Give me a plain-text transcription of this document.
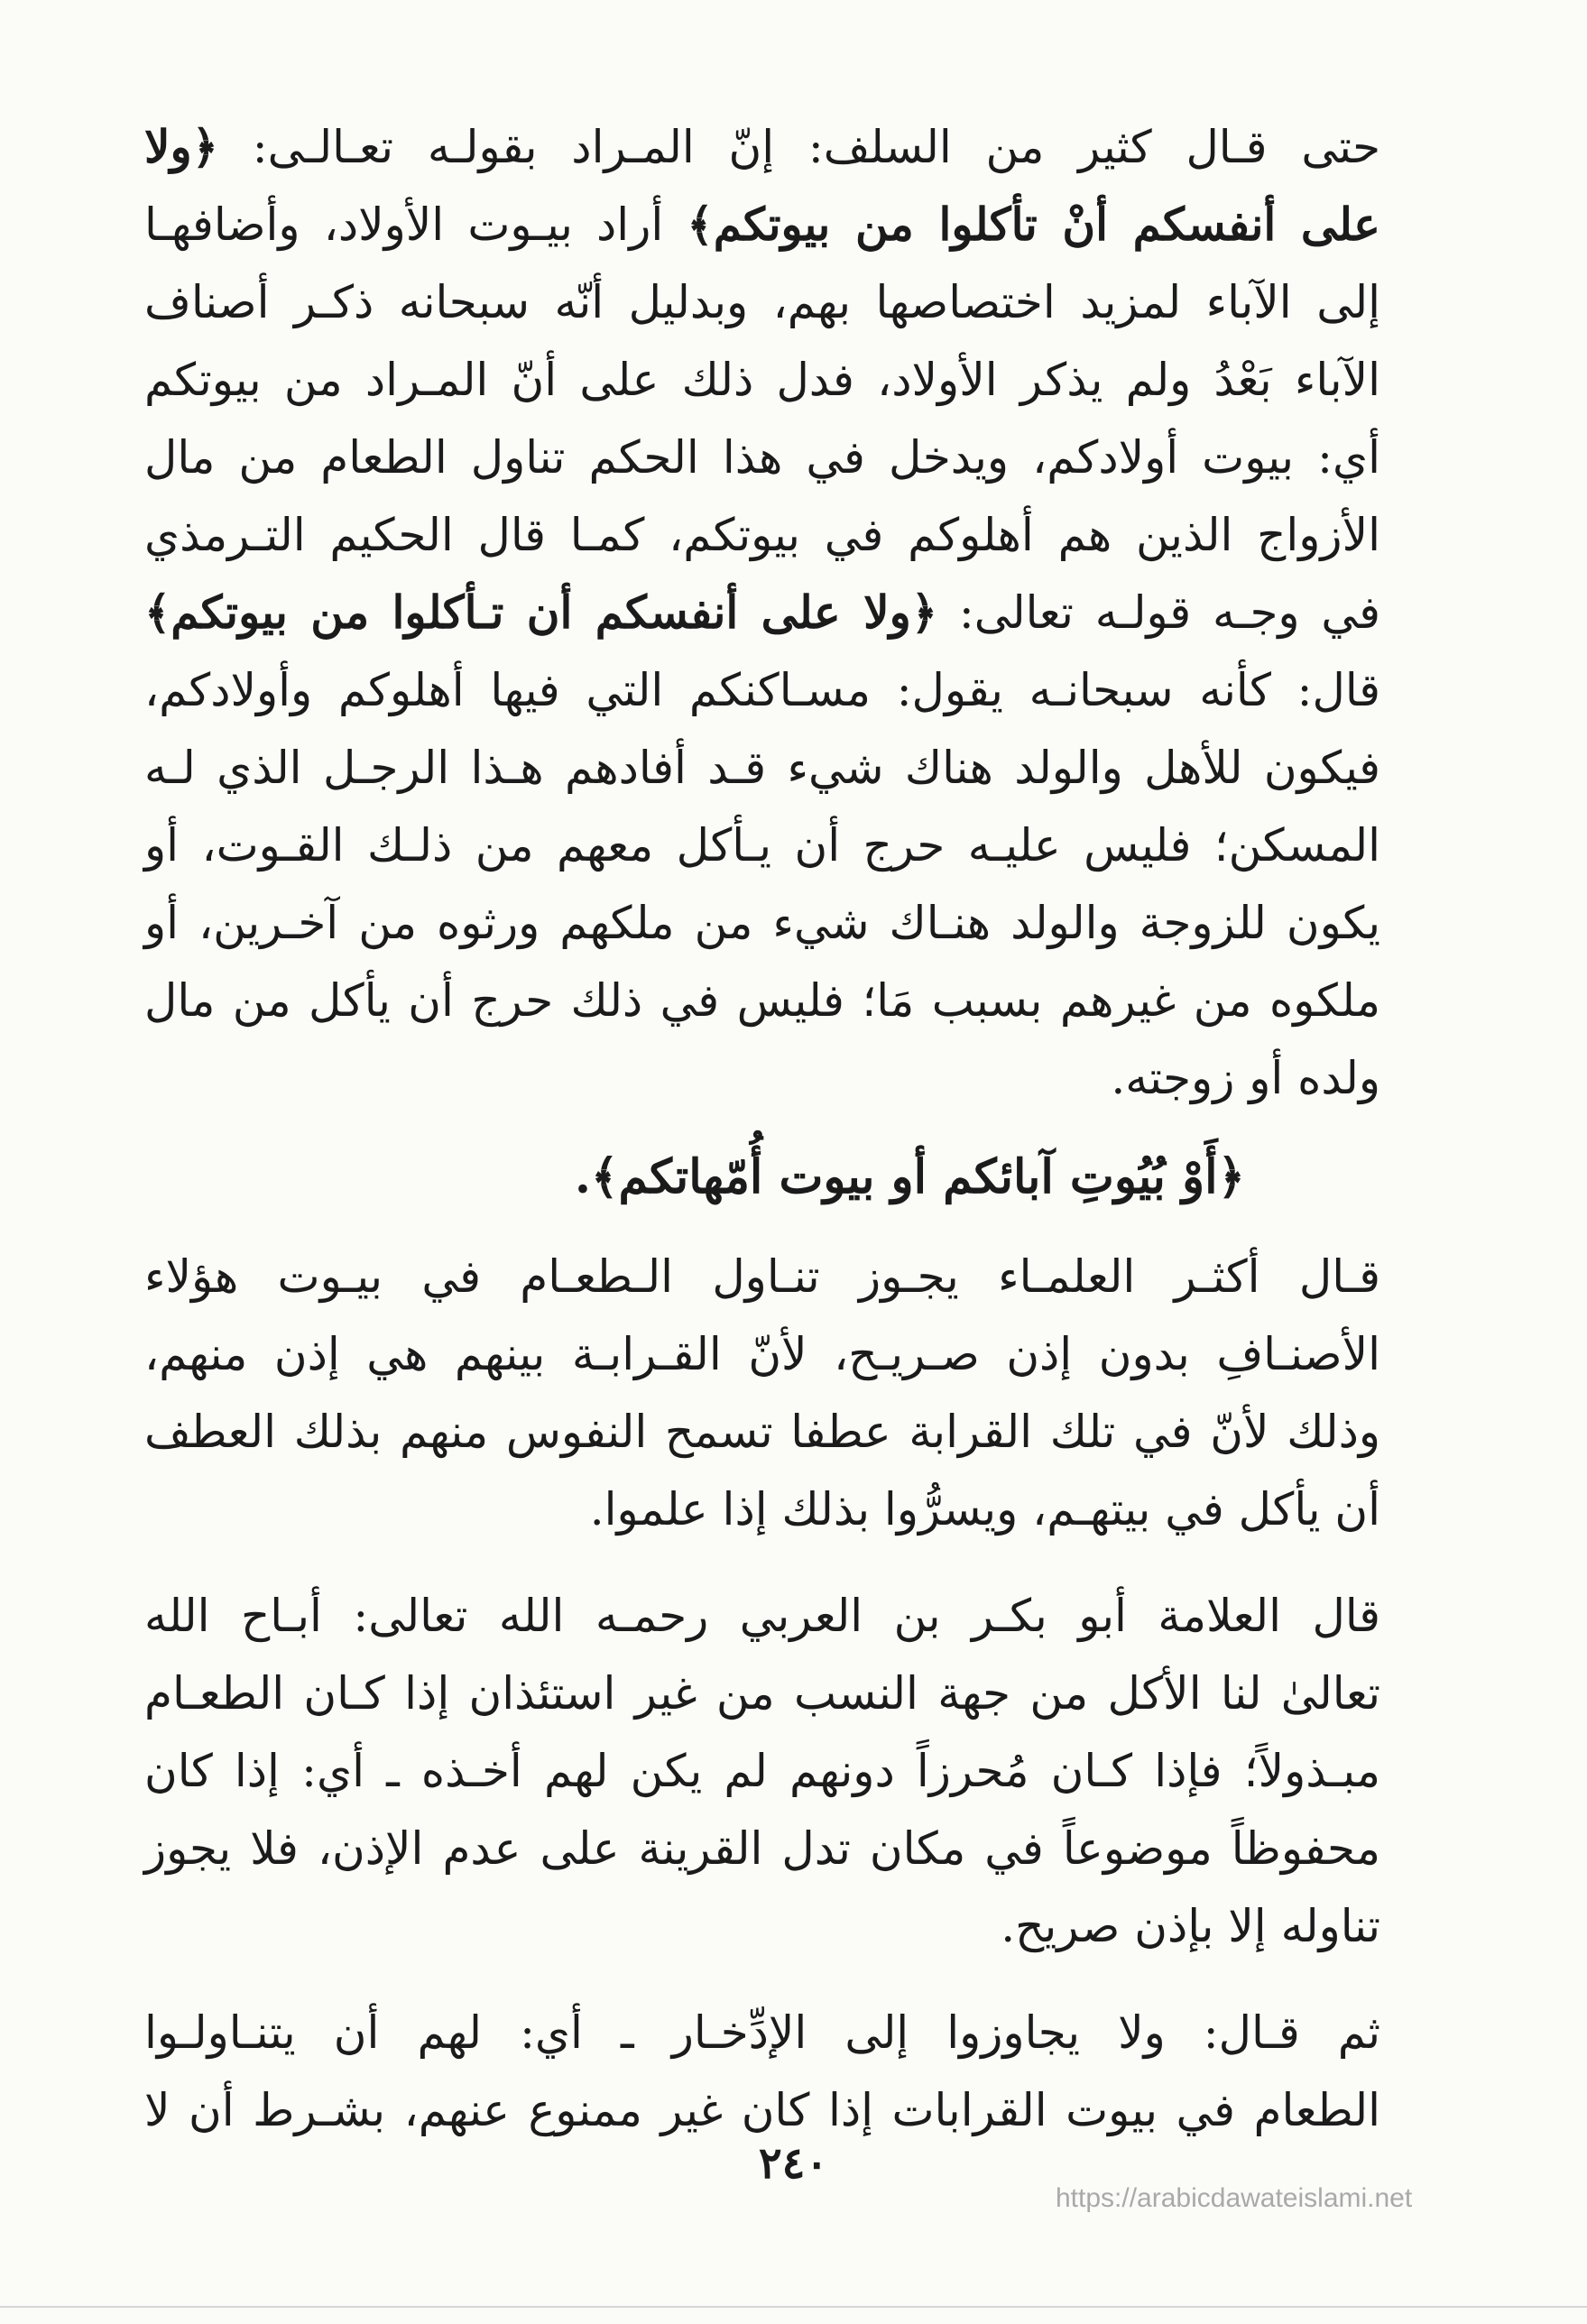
حتى قـال كثير من السلف: إنّ المـراد بقولـه تعـالـى: ﴿ولا
على أنفسكم أنْ تأكلوا من بيوتكم﴾ أراد بيـوت الأولاد، وأضافهـا
إلى الآباء لمزيد اختصاصها بهم، وبدليل أنّه سبحانه ذكـر أصناف
الآباء بَعْدُ ولم يذكر الأولاد، فدل ذلك على أنّ المـراد من بيوتكم
أي: بيوت أولادكم، ويدخل في هذا الحكم تناول الطعام من مال
الأزواج الذين هم أهلوكم في بيوتكم، كمـا قال الحكيم التـرمذي
في وجـه قولـه تعالى: ﴿ولا على أنفسكم أن تـأكلوا من بيوتكم﴾
قال: كأنه سبحانـه يقول: مسـاكنكم التي فيها أهلوكم وأولادكم،
فيكون للأهل والولد هناك شيء قـد أفادهم هـذا الرجـل الذي لـه
المسكن؛ فليس عليـه حرج أن يـأكل معهم من ذلـك القـوت، أو
يكون للزوجة والولد هنـاك شيء من ملكهم ورثوه من آخـرين، أو
ملكوه من غيرهم بسبب مَا؛ فليس في ذلك حرج أن يأكل من مال
ولده أو زوجته.
﴿أَوْ بُيُوتِ آبائكم أو بيوت أُمّهاتكم﴾.
قـال أكثـر العلمـاء يجـوز تنـاول الـطعـام في بيـوت هؤلاء
الأصنـافِ بدون إذن صـريـح، لأنّ القـرابـة بينهم هي إذن منهم،
وذلك لأنّ في تلك القرابة عطفا تسمح النفوس منهم بذلك العطف
أن يأكل في بيتهـم، ويسرُّوا بذلك إذا علموا.
قال العلامة أبو بكـر بن العربي رحمـه الله تعالى: أبـاح الله
تعالىٰ لنا الأكل من جهة النسب من غير استئذان إذا كـان الطعـام
مبـذولاً؛ فإذا كـان مُحرزاً دونهم لم يكن لهم أخـذه ـ أي: إذا كان
محفوظاً موضوعاً في مكان تدل القرينة على عدم الإذن، فلا يجوز
تناوله إلا بإذن صريح.
ثم قـال: ولا يجاوزوا إلى الإدِّخـار ـ أي: لهم أن يتنـاولـوا
الطعام في بيوت القرابات إذا كان غير ممنوع عنهم، بشـرط أن لا
٢٤٠
https://arabicdawateislami.net
